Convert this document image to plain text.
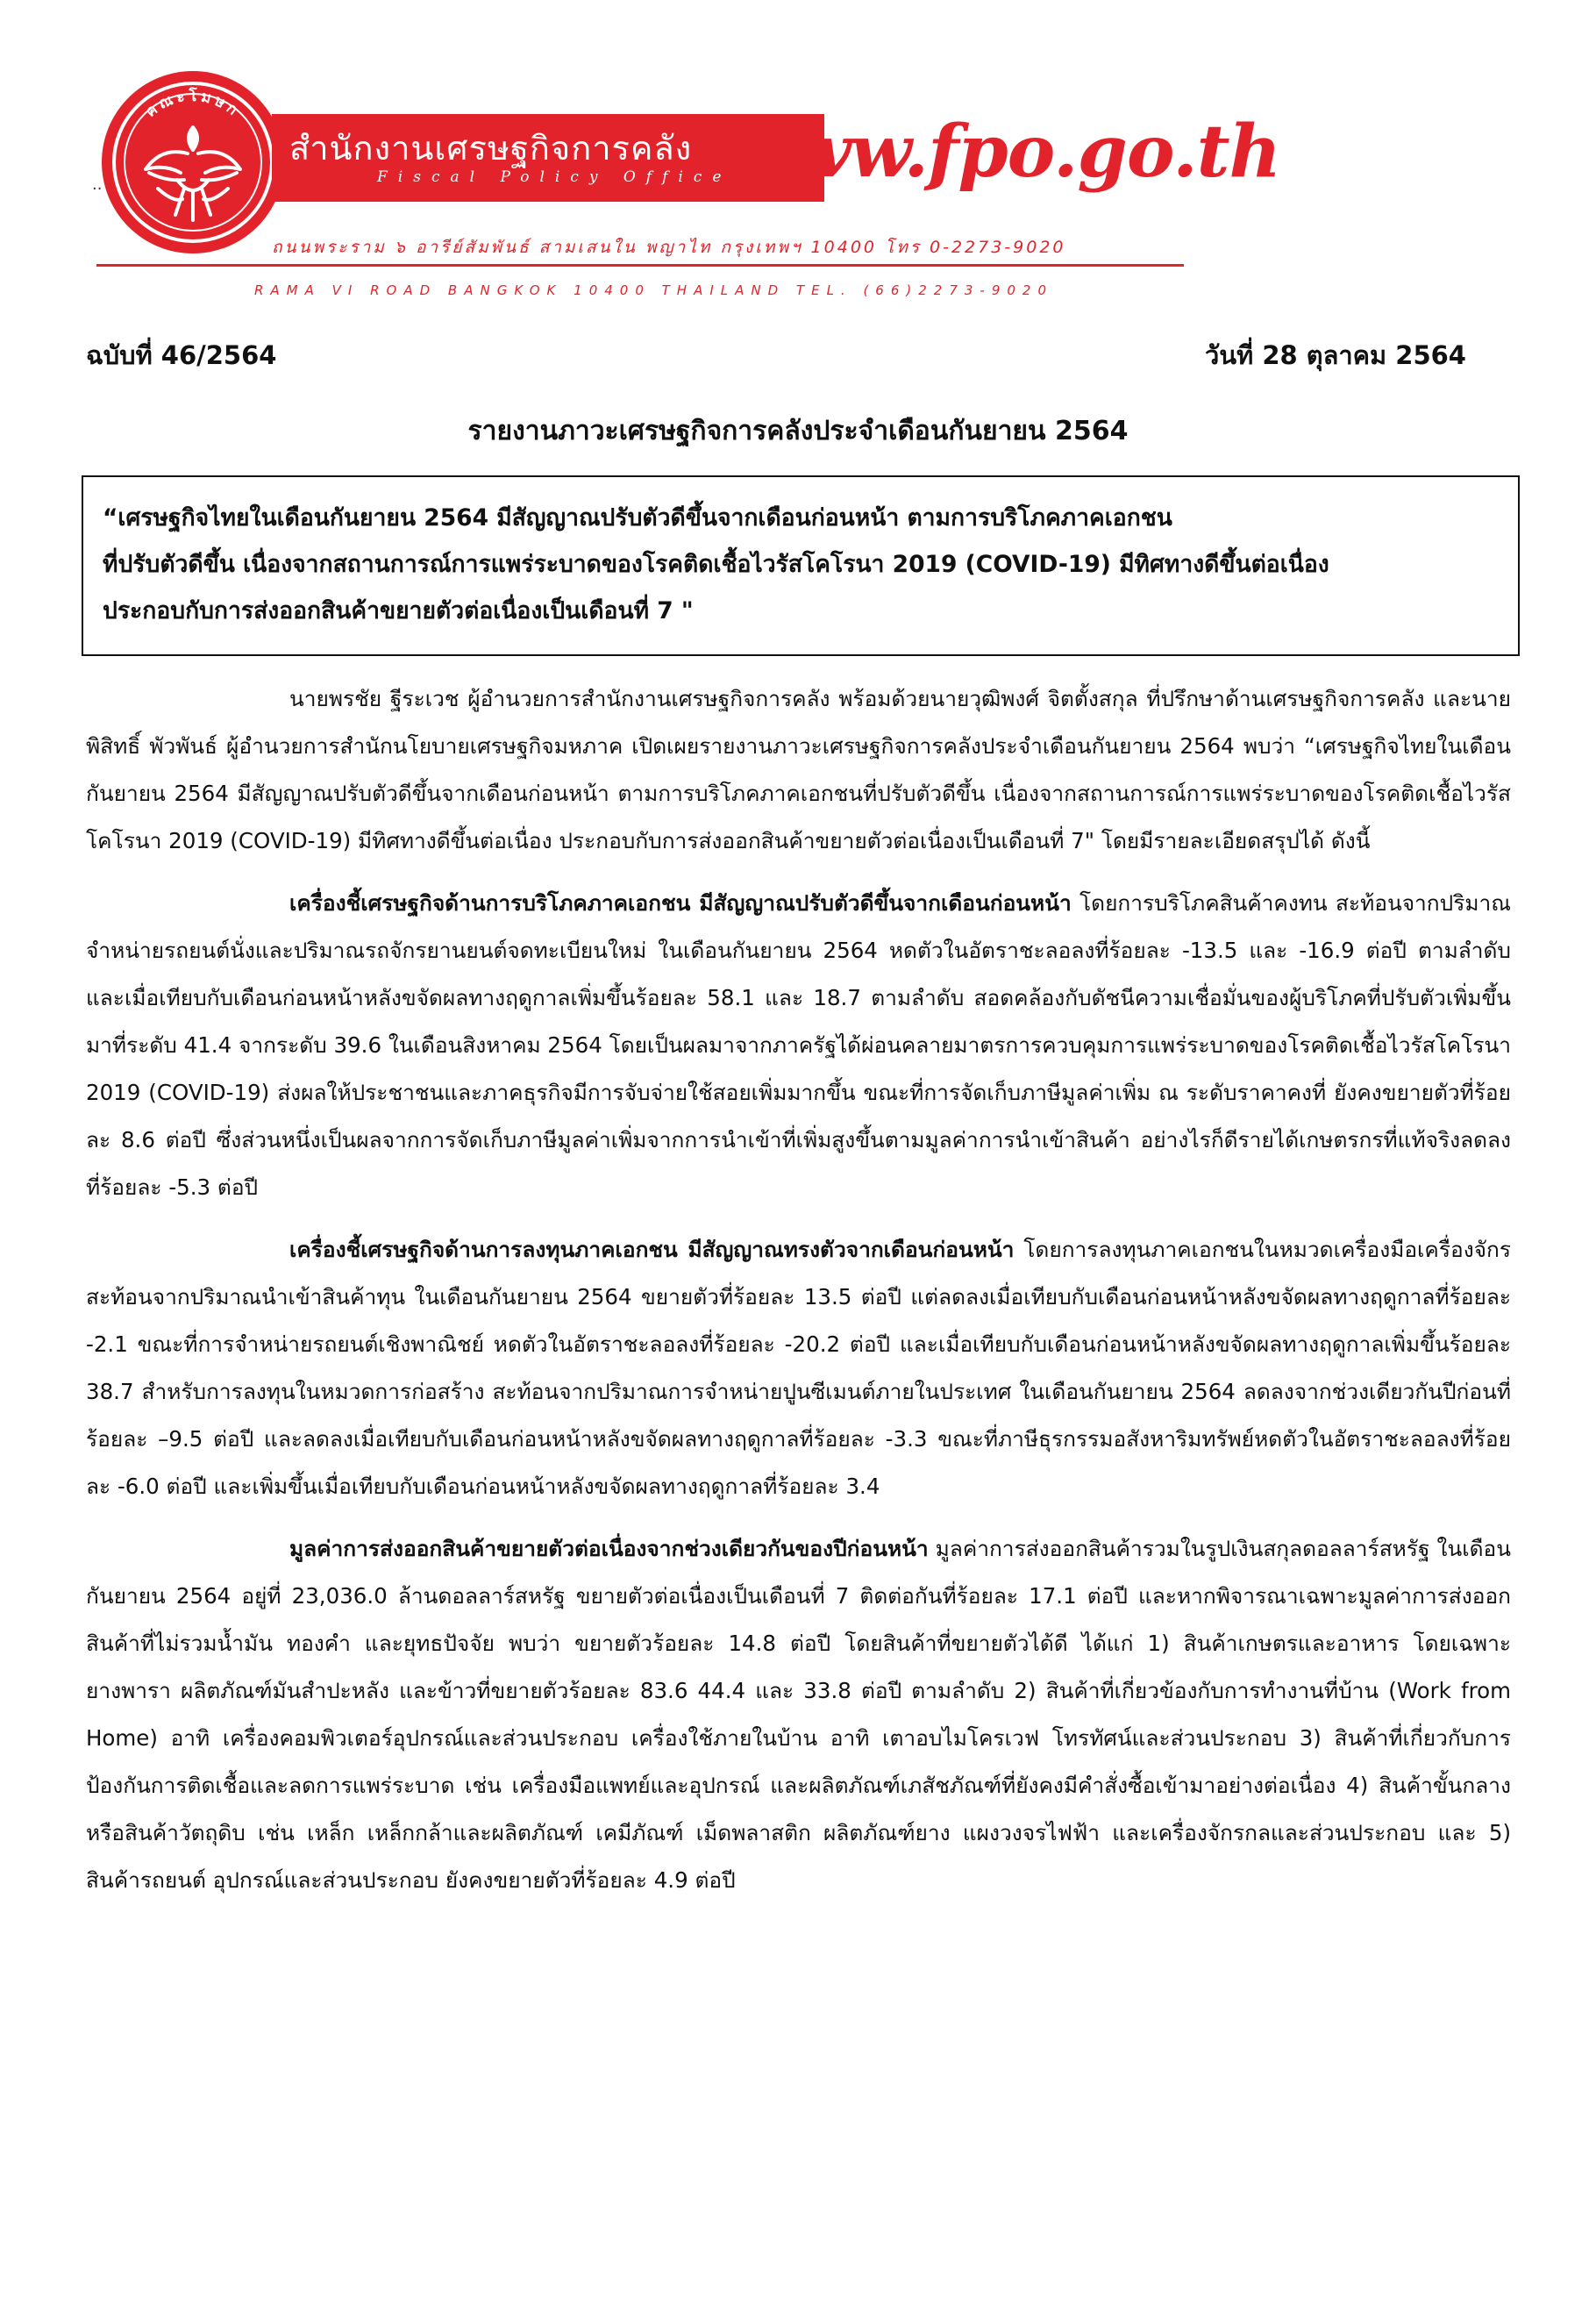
คณะโมษก
..
สำนักงานเศรษฐกิจการคลัง
Fiscal Policy Office
www.fpo.go.th
ถนนพระราม ๖ อารีย์สัมพันธ์ สามเสนใน พญาไท กรุงเทพฯ 10400 โทร 0-2273-9020
RAMA VI ROAD BANGKOK 10400 THAILAND TEL. (66)2273-9020
ฉบับที่ 46/2564	วันที่ 28 ตุลาคม 2564
รายงานภาวะเศรษฐกิจการคลังประจำเดือนกันยายน 2564

“เศรษฐกิจไทยในเดือนกันยายน 2564 มีสัญญาณปรับตัวดีขึ้นจากเดือนก่อนหน้า ตามการบริโภคภาคเอกชน

ที่ปรับตัวดีขึ้น เนื่องจากสถานการณ์การแพร่ระบาดของโรคติดเชื้อไวรัสโคโรนา 2019 (COVID-19) มีทิศทางดีขึ้นต่อเนื่อง

ประกอบกับการส่งออกสินค้าขยายตัวต่อเนื่องเป็นเดือนที่ 7 "

นายพรชัย ฐีระเวช ผู้อำนวยการสำนักงานเศรษฐกิจการคลัง พร้อมด้วยนายวุฒิพงศ์ จิตตั้งสกุล ที่ปรึกษาด้านเศรษฐกิจการคลัง และนายพิสิทธิ์ พัวพันธ์ ผู้อำนวยการสำนักนโยบายเศรษฐกิจมหภาค เปิดเผยรายงานภาวะเศรษฐกิจการคลังประจำเดือนกันยายน 2564 พบว่า “เศรษฐกิจไทยในเดือนกันยายน 2564 มีสัญญาณปรับตัวดีขึ้นจากเดือนก่อนหน้า ตามการบริโภคภาคเอกชนที่ปรับตัวดีขึ้น เนื่องจากสถานการณ์การแพร่ระบาดของโรคติดเชื้อไวรัสโคโรนา 2019 (COVID-19) มีทิศทางดีขึ้นต่อเนื่อง ประกอบกับการส่งออกสินค้าขยายตัวต่อเนื่องเป็นเดือนที่ 7" โดยมีรายละเอียดสรุปได้ ดังนี้

เครื่องชี้เศรษฐกิจด้านการบริโภคภาคเอกชน มีสัญญาณปรับตัวดีขึ้นจากเดือนก่อนหน้า โดยการบริโภคสินค้าคงทน สะท้อนจากปริมาณจำหน่ายรถยนต์นั่งและปริมาณรถจักรยานยนต์จดทะเบียนใหม่ ในเดือนกันยายน 2564 หดตัวในอัตราชะลอลงที่ร้อยละ -13.5 และ -16.9 ต่อปี ตามลำดับ และเมื่อเทียบกับเดือนก่อนหน้าหลังขจัดผลทางฤดูกาลเพิ่มขึ้นร้อยละ 58.1 และ 18.7 ตามลำดับ สอดคล้องกับดัชนีความเชื่อมั่นของผู้บริโภคที่ปรับตัวเพิ่มขึ้นมาที่ระดับ 41.4 จากระดับ 39.6 ในเดือนสิงหาคม 2564 โดยเป็นผลมาจากภาครัฐได้ผ่อนคลายมาตรการควบคุมการแพร่ระบาดของโรคติดเชื้อไวรัสโคโรนา 2019 (COVID-19) ส่งผลให้ประชาชนและภาคธุรกิจมีการจับจ่ายใช้สอยเพิ่มมากขึ้น ขณะที่การจัดเก็บภาษีมูลค่าเพิ่ม ณ ระดับราคาคงที่ ยังคงขยายตัวที่ร้อยละ 8.6 ต่อปี ซึ่งส่วนหนึ่งเป็นผลจากการจัดเก็บภาษีมูลค่าเพิ่มจากการนำเข้าที่เพิ่มสูงขึ้นตามมูลค่าการนำเข้าสินค้า อย่างไรก็ดีรายได้เกษตรกรที่แท้จริงลดลงที่ร้อยละ -5.3 ต่อปี

เครื่องชี้เศรษฐกิจด้านการลงทุนภาคเอกชน มีสัญญาณทรงตัวจากเดือนก่อนหน้า โดยการลงทุนภาคเอกชนในหมวดเครื่องมือเครื่องจักร สะท้อนจากปริมาณนำเข้าสินค้าทุน ในเดือนกันยายน 2564 ขยายตัวที่ร้อยละ 13.5 ต่อปี แต่ลดลงเมื่อเทียบกับเดือนก่อนหน้าหลังขจัดผลทางฤดูกาลที่ร้อยละ -2.1 ขณะที่การจำหน่ายรถยนต์เชิงพาณิชย์ หดตัวในอัตราชะลอลงที่ร้อยละ -20.2 ต่อปี และเมื่อเทียบกับเดือนก่อนหน้าหลังขจัดผลทางฤดูกาลเพิ่มขึ้นร้อยละ 38.7 สำหรับการลงทุนในหมวดการก่อสร้าง สะท้อนจากปริมาณการจำหน่ายปูนซีเมนต์ภายในประเทศ ในเดือนกันยายน 2564 ลดลงจากช่วงเดียวกันปีก่อนที่ร้อยละ –9.5 ต่อปี และลดลงเมื่อเทียบกับเดือนก่อนหน้าหลังขจัดผลทางฤดูกาลที่ร้อยละ -3.3 ขณะที่ภาษีธุรกรรมอสังหาริมทรัพย์หดตัวในอัตราชะลอลงที่ร้อยละ -6.0 ต่อปี และเพิ่มขึ้นเมื่อเทียบกับเดือนก่อนหน้าหลังขจัดผลทางฤดูกาลที่ร้อยละ 3.4

มูลค่าการส่งออกสินค้าขยายตัวต่อเนื่องจากช่วงเดียวกันของปีก่อนหน้า มูลค่าการส่งออกสินค้ารวมในรูปเงินสกุลดอลลาร์สหรัฐ ในเดือนกันยายน 2564 อยู่ที่ 23,036.0 ล้านดอลลาร์สหรัฐ ขยายตัวต่อเนื่องเป็นเดือนที่ 7 ติดต่อกันที่ร้อยละ 17.1 ต่อปี และหากพิจารณาเฉพาะมูลค่าการส่งออกสินค้าที่ไม่รวมน้ำมัน ทองคำ และยุทธปัจจัย พบว่า ขยายตัวร้อยละ 14.8 ต่อปี โดยสินค้าที่ขยายตัวได้ดี ได้แก่ 1) สินค้าเกษตรและอาหาร โดยเฉพาะ ยางพารา ผลิตภัณฑ์มันสำปะหลัง และข้าวที่ขยายตัวร้อยละ 83.6 44.4 และ 33.8 ต่อปี ตามลำดับ 2) สินค้าที่เกี่ยวข้องกับการทำงานที่บ้าน (Work from Home) อาทิ เครื่องคอมพิวเตอร์อุปกรณ์และส่วนประกอบ เครื่องใช้ภายในบ้าน อาทิ เตาอบไมโครเวฟ โทรทัศน์และส่วนประกอบ 3) สินค้าที่เกี่ยวกับการป้องกันการติดเชื้อและลดการแพร่ระบาด เช่น เครื่องมือแพทย์และอุปกรณ์ และผลิตภัณฑ์เภสัชภัณฑ์ที่ยังคงมีคำสั่งซื้อเข้ามาอย่างต่อเนื่อง 4) สินค้าขั้นกลางหรือสินค้าวัตถุดิบ เช่น เหล็ก เหล็กกล้าและผลิตภัณฑ์ เคมีภัณฑ์ เม็ดพลาสติก ผลิตภัณฑ์ยาง แผงวงจรไฟฟ้า และเครื่องจักรกลและส่วนประกอบ และ 5) สินค้ารถยนต์ อุปกรณ์และส่วนประกอบ ยังคงขยายตัวที่ร้อยละ 4.9 ต่อปี
